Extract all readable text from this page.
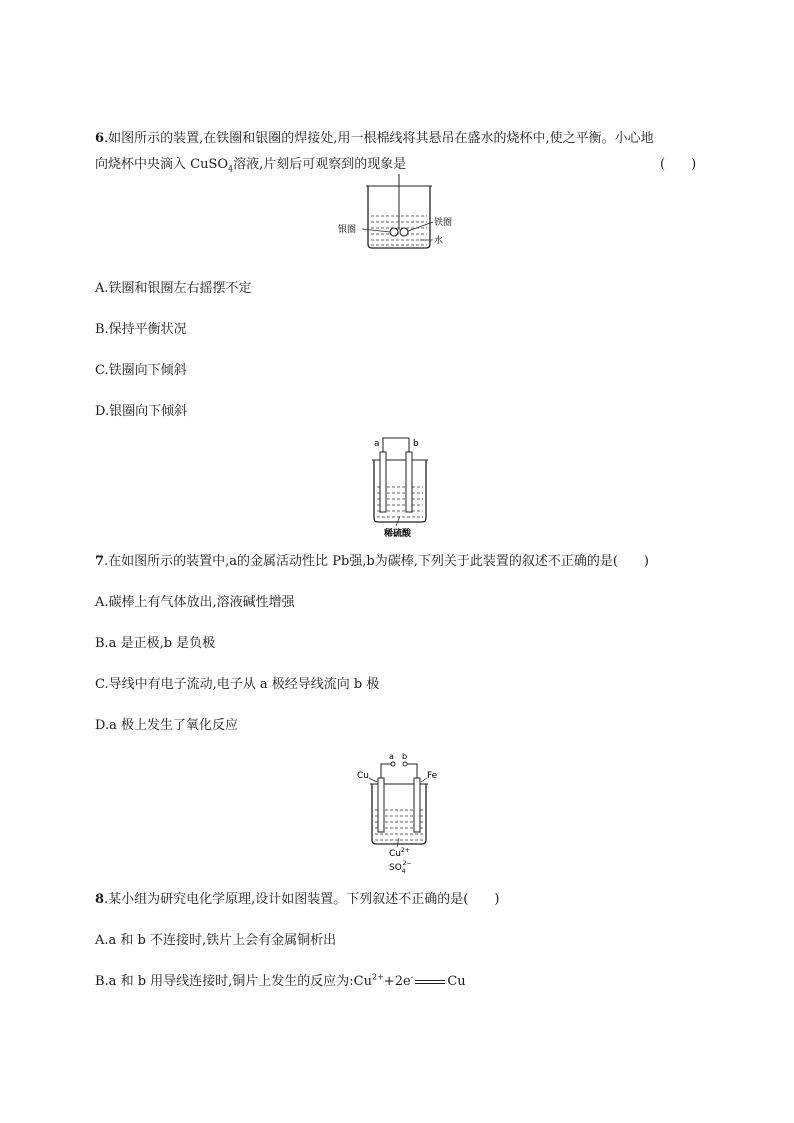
6.如图所示的装置,在铁圈和银圈的焊接处,用一根棉线将其悬吊在盛水的烧杯中,使之平衡。小心地
向烧杯中央滴入 CuSO$_4$溶液,片刻后可观察到的现象是	(　　)
银圈
铁圈
水
A.铁圈和银圈左右摇摆不定
B.保持平衡状况
C.铁圈向下倾斜
D.银圈向下倾斜
a	b
稀硫酸
7.在如图所示的装置中,a的金属活动性比 Pb强,b为碳棒,下列关于此装置的叙述不正确的是(　　)
A.碳棒上有气体放出,溶液碱性增强
B.a 是正极,b 是负极
C.导线中有电子流动,电子从 a 极经导线流向 b 极
D.a 极上发生了氧化反应
a b
Cu	Fe
$Cu^{2+}$
$SO_42-$
8.某小组为研究电化学原理,设计如图装置。下列叙述不正确的是(　　)
A.a 和 b 不连接时,铁片上会有金属铜析出
B.a 和 b 用导线连接时,铜片上发生的反应为$:Cu^{2+}+2e^-$	Cu
